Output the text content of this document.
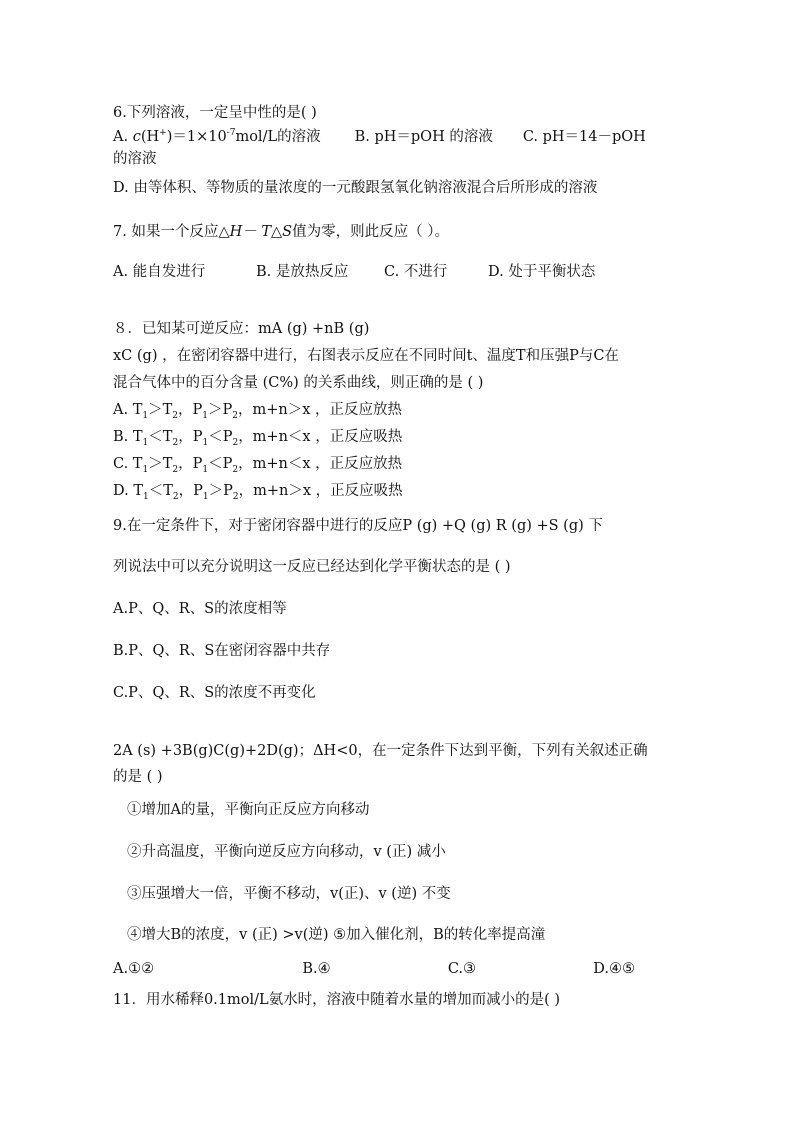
6.下列溶液，一定呈中性的是( )
A. $c(H^+)=1\times 10^{-7}mol/L$的溶液 B. pH＝pOH 的溶液 C. pH＝14－pOH
的溶液
D. 由等体积、等物质的量浓度的一元酸跟氢氧化钠溶液混合后所形成的溶液
7. 如果一个反应△H－ T△S值为零，则此反应（ ）。
A. 能自发进行	B. 是放热反应	C. 不进行	D. 处于平衡状态
８．已知某可逆反应：mA (g) +nB (g)
xC (g) ，在密闭容器中进行，右图表示反应在不同时间t、温度T和压强P与C在
混合气体中的百分含量 (C%) 的关系曲线，则正确的是 ( )
A. $T_1>T_2$，$P_1>P_2$，m+n＞x ，正反应放热
B. $T_1<T_2$，$P_1<P_2$，m+n＜x ，正反应吸热
C. $T_1>T_2$，$P_1<P_2$，m+n＜x ，正反应放热
D. $T_1<T_2$，$P_1>P_2$，m+n＞x ，正反应吸热
9.在一定条件下，对于密闭容器中进行的反应P (g) +Q (g) R (g) +S (g) 下
列说法中可以充分说明这一反应已经达到化学平衡状态的是 ( )
A.P、Q、R、S的浓度相等
B.P、Q、R、S在密闭容器中共存
C.P、Q、R、S的浓度不再变化
2A (s) +3B(g)C(g)+2D(g)；ΔH<0，在一定条件下达到平衡，下列有关叙述正确
的是 ( )
①增加A的量，平衡向正反应方向移动
②升高温度，平衡向逆反应方向移动，v (正) 减小
③压强增大一倍，平衡不移动，v(正)、v (逆) 不变
④增大B的浓度，v (正) >v(逆) ⑤加入催化剂，B的转化率提高潼
A.①②	B.④	C.③	D.④⑤
11．用水稀释0.1mol/L氨水时，溶液中随着水量的增加而减小的是( )
